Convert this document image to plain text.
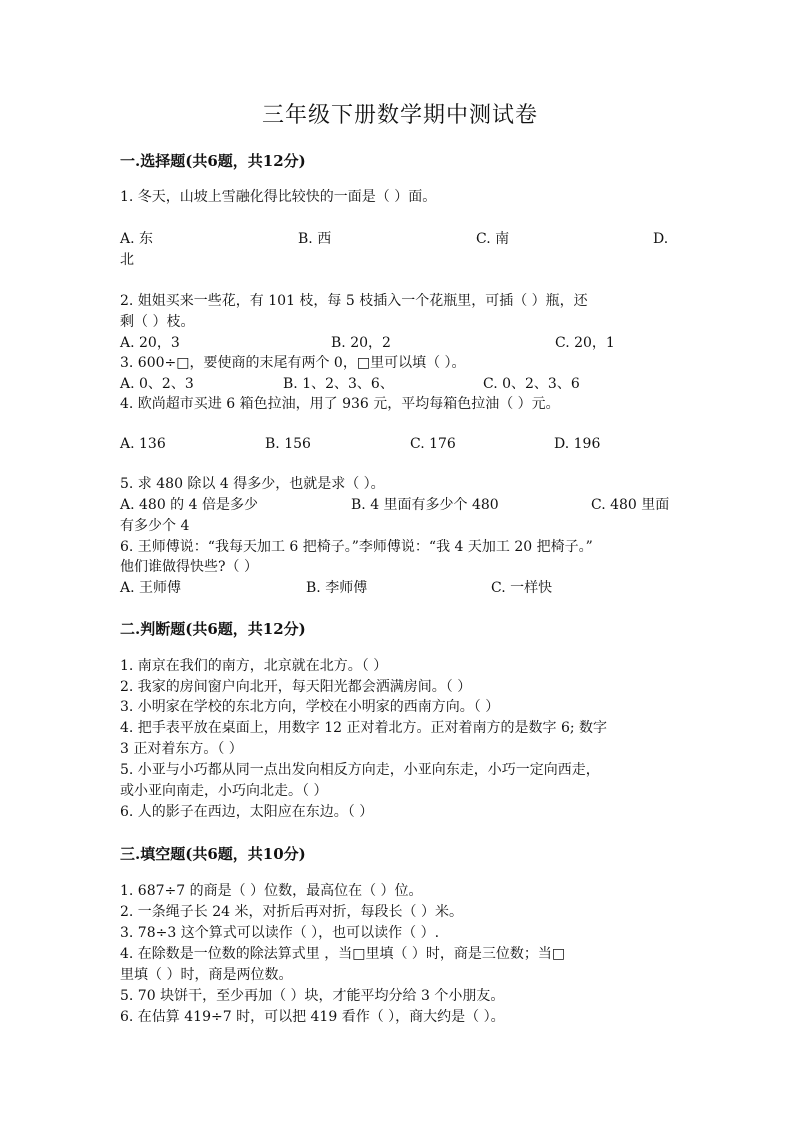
三年级下册数学期中测试卷
一.选择题(共6题，共12分)
1. 冬天，山坡上雪融化得比较快的一面是（ ）面。
A. 东	B. 西	C. 南	D.
北
2. 姐姐买来一些花，有 101 枝，每 5 枝插入一个花瓶里，可插（ ）瓶，还
剩（ ）枝。
A. 20，3	B. 20，2	C. 20，1
3. 600÷□，要使商的末尾有两个 0，□里可以填（ ）。
A. 0、2、3	B. 1、2、3、6、	C. 0、2、3、6
4. 欧尚超市买进 6 箱色拉油，用了 936 元，平均每箱色拉油（ ）元。
A. 136	B. 156	C. 176	D. 196
5. 求 480 除以 4 得多少，也就是求（ ）。
A. 480 的 4 倍是多少	B. 4 里面有多少个 480	C. 480 里面
有多少个 4
6. 王师傅说：“我每天加工 6 把椅子。”李师傅说：“我 4 天加工 20 把椅子。”
他们谁做得快些?（ ）
A. 王师傅	B. 李师傅	C. 一样快
二.判断题(共6题，共12分)
1. 南京在我们的南方，北京就在北方。（ ）
2. 我家的房间窗户向北开，每天阳光都会洒满房间。（ ）
3. 小明家在学校的东北方向，学校在小明家的西南方向。（ ）
4. 把手表平放在桌面上，用数字 12 正对着北方。正对着南方的是数字 6; 数字
3 正对着东方。（ ）
5. 小亚与小巧都从同一点出发向相反方向走，小亚向东走，小巧一定向西走，
或小亚向南走，小巧向北走。（ ）
6. 人的影子在西边，太阳应在东边。（ ）
三.填空题(共6题，共10分)
1. 687÷7 的商是（ ）位数，最高位在（ ）位。
2. 一条绳子长 24 米，对折后再对折，每段长（ ）米。
3. 78÷3 这个算式可以读作（ ），也可以读作（ ）.
4. 在除数是一位数的除法算式里 ，当□里填（ ）时，商是三位数；当□
里填（ ）时，商是两位数。
5. 70 块饼干，至少再加（ ）块，才能平均分给 3 个小朋友。
6. 在估算 419÷7 时，可以把 419 看作（ ），商大约是（ ）。
